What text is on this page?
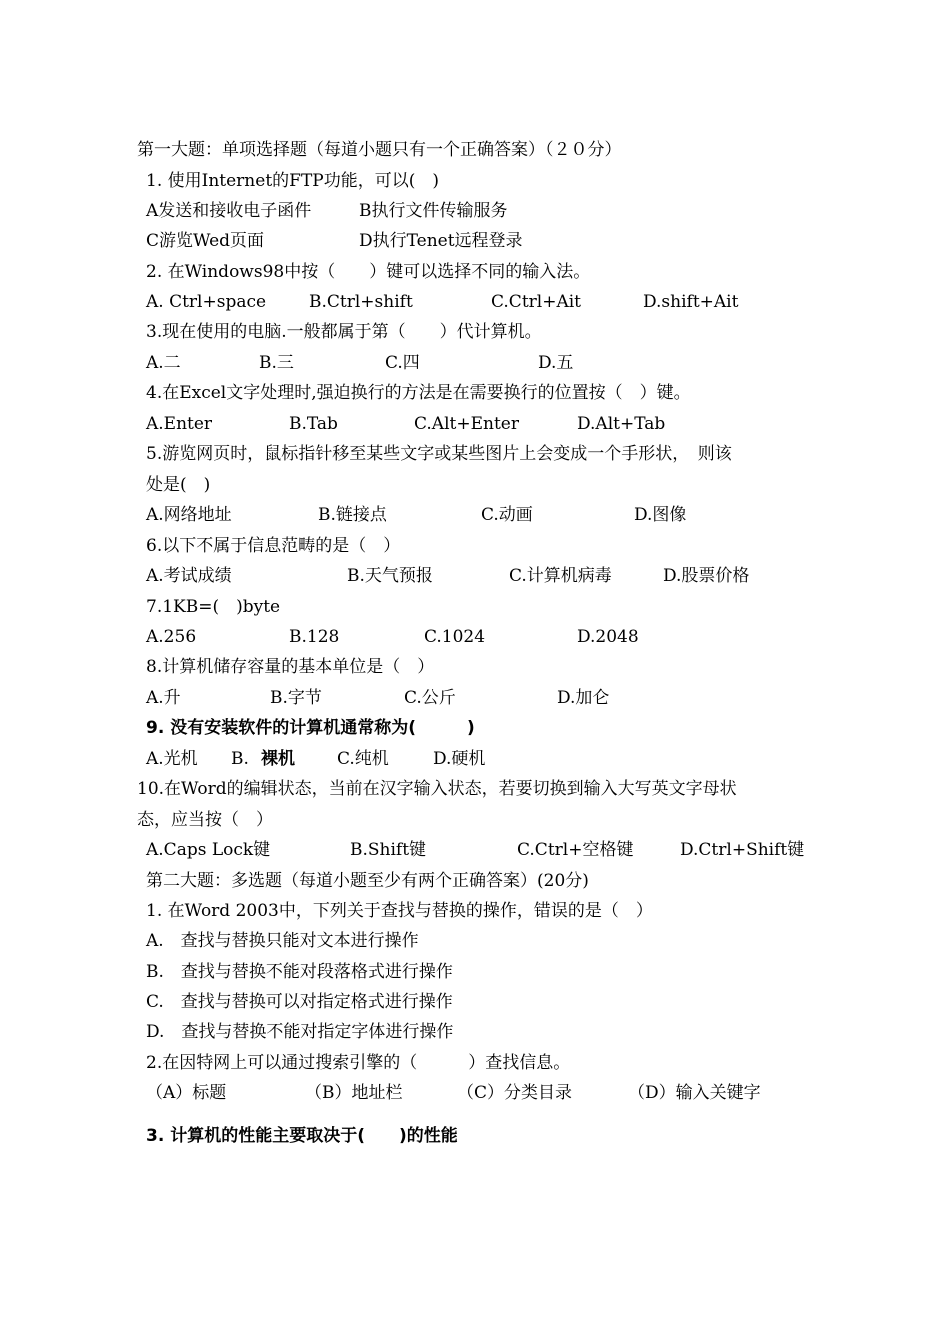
第一大题：单项选择题（每道小题只有一个正确答案）（２０分）
1. 使用Internet的FTP功能，可以(　)
A发送和接收电子函件	B执行文件传输服务
C游览Wed页面	D执行Tenet远程登录
2. 在Windows98中按（　　）键可以选择不同的输入法。
A. Ctrl+space	B.Ctrl+shift	C.Ctrl+Ait	D.shift+Ait
3.现在使用的电脑.一般都属于第（　　）代计算机。
A.二	B.三	C.四	D.五
4.在Excel文字处理时,强迫换行的方法是在需要换行的位置按（　）键。
A.Enter	B.Tab	C.Alt+Enter	D.Alt+Tab
5.游览网页时，鼠标指针移至某些文字或某些图片上会变成一个手形状，　则该
处是(　)
A.网络地址	B.链接点	C.动画	D.图像
6.以下不属于信息范畴的是（　）
A.考试成绩	B.天气预报	C.计算机病毒	D.股票价格
7.1KB=(　)byte
A.256	B.128	C.1024	D.2048
8.计算机储存容量的基本单位是（　）
A.升	B.字节	C.公斤	D.加仑
9. 没有安装软件的计算机通常称为(　　　)
A.光机 B. 裸机 C.纯机	D.硬机
10.在Word的编辑状态，当前在汉字输入状态，若要切换到输入大写英文字母状
态，应当按（　）
A.Caps Lock键	B.Shift键	C.Ctrl+空格键	D.Ctrl+Shift键
第二大题：多选题（每道小题至少有两个正确答案）(20分)
1. 在Word 2003中，下列关于查找与替换的操作，错误的是（　）
A.　查找与替换只能对文本进行操作
B.　查找与替换不能对段落格式进行操作
C.　查找与替换可以对指定格式进行操作
D.　查找与替换不能对指定字体进行操作
2.在因特网上可以通过搜索引擎的（　　　）查找信息。
（A）标题	（B）地址栏	（C）分类目录	（D）输入关键字
3. 计算机的性能主要取决于(　　)的性能
